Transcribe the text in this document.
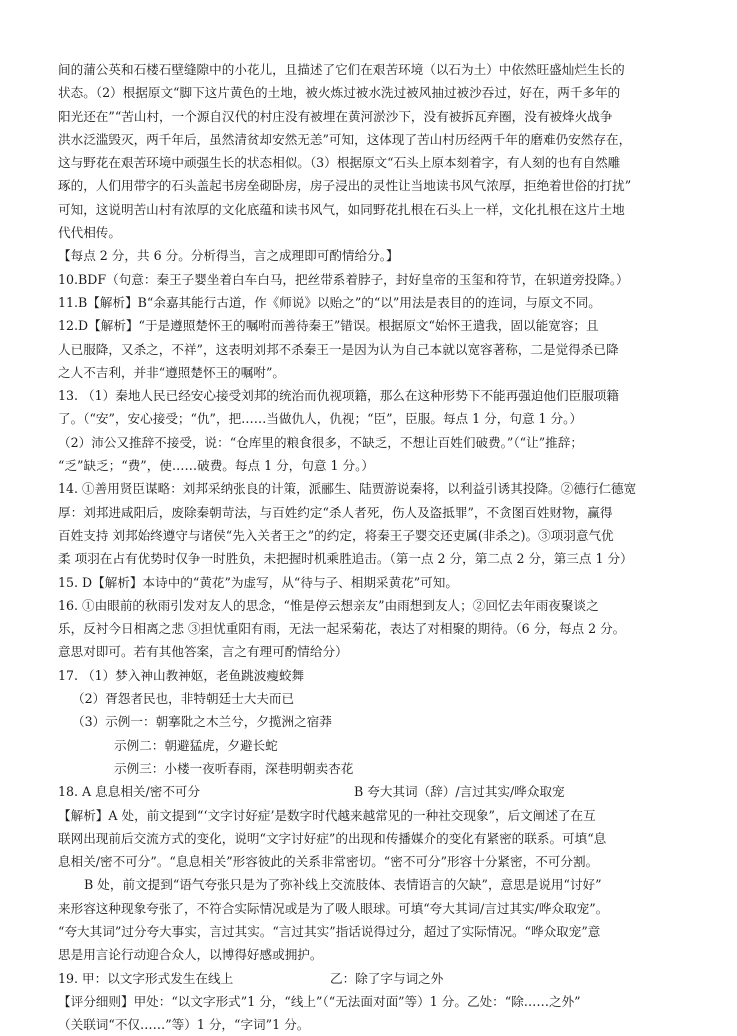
间的蒲公英和石楼石壁缝隙中的小花儿，且描述了它们在艰苦环境（以石为土）中依然旺盛灿烂生长的
状态。（2）根据原文“脚下这片黄色的土地，被火炼过被水洗过被风抽过被沙吞过，好在，两千多年的
阳光还在”“苦山村，一个源自汉代的村庄没有被埋在黄河淤沙下，没有被拆瓦弃圈，没有被烽火战争
洪水泛滥毁灭，两千年后，虽然清贫却安然无恙”可知，这体现了苦山村历经两千年的磨难仍安然存在，
这与野花在艰苦环境中顽强生长的状态相似。（3）根据原文“石头上原本刻着字，有人刻的也有自然雕
琢的，人们用带字的石头盖起书房垒砌卧房，房子浸出的灵性让当地读书风气浓厚，拒绝着世俗的打扰”
可知，这说明苦山村有浓厚的文化底蕴和读书风气，如同野花扎根在石头上一样，文化扎根在这片土地
代代相传。
【每点 2 分，共 6 分。分析得当，言之成理即可酌情给分。】
10.BDF（句意：秦王子婴坐着白车白马，把丝带系着脖子，封好皇帝的玉玺和符节，在轵道旁投降。）
11.B【解析】B“余嘉其能行古道，作《师说》以贻之”的“以”用法是表目的的连词，与原文不同。
12.D【解析】“于是遵照楚怀王的嘱咐而善待秦王”错误。根据原文“始怀王遣我，固以能宽容；且
人已服降，又杀之，不祥”，这表明刘邦不杀秦王一是因为认为自己本就以宽容著称，二是觉得杀已降
之人不吉利，并非“遵照楚怀王的嘱咐”。
13. （1）秦地人民已经安心接受刘邦的统治而仇视项籍，那么在这种形势下不能再强迫他们臣服项籍
了。（“安”，安心接受；“仇”，把……当做仇人，仇视；“臣”，臣服。每点 1 分，句意 1 分。）
（2）沛公又推辞不接受，说：“仓库里的粮食很多，不缺乏，不想让百姓们破费。”（“让”推辞；
“乏”缺乏；“费”，使……破费。每点 1 分，句意 1 分。）
14. ①善用贤臣谋略：刘邦采纳张良的计策，派郦生、陆贾游说秦将，以利益引诱其投降。②德行仁德宽
厚：刘邦进咸阳后，废除秦朝苛法，与百姓约定“杀人者死，伤人及盗抵罪”，不贪图百姓财物，赢得
百姓支持 刘邦始终遵守与诸侯“先入关者王之”的约定，将秦王子婴交还吏属(非杀之)。③项羽意气优
柔 项羽在占有优势时仅争一时胜负，未把握时机乘胜追击。（第一点 2 分，第二点 2 分，第三点 1 分）
15. D【解析】本诗中的“黄花”为虚写，从“待与子、相期采黄花”可知。
16. ①由眼前的秋雨引发对友人的思念，“惟是停云想亲友”由雨想到友人；②回忆去年雨夜聚谈之
乐，反衬今日相离之悲 ③担忧重阳有雨，无法一起采菊花，表达了对相聚的期待。（6 分，每点 2 分。
意思对即可。若有其他答案，言之有理可酌情给分）
17. （1）梦入神山教神妪，老鱼跳波瘦蛟舞
（2）胥怨者民也，非特朝廷士大夫而已
（3）示例一：朝搴阰之木兰兮，夕揽洲之宿莽
示例二：朝避猛虎，夕避长蛇
示例三：小楼一夜听春雨，深巷明朝卖杏花
18. A 息息相关/密不可分	B 夸大其词（辞）/言过其实/哗众取宠
【解析】A 处，前文提到“‘文字讨好症’是数字时代越来越常见的一种社交现象”，后文阐述了在互
联网出现前后交流方式的变化，说明“文字讨好症”的出现和传播媒介的变化有紧密的联系。可填“息
息相关/密不可分”。“息息相关”形容彼此的关系非常密切。“密不可分”形容十分紧密，不可分割。
B 处，前文提到“语气夸张只是为了弥补线上交流肢体、表情语言的欠缺”，意思是说用“讨好”
来形容这种现象夸张了，不符合实际情况或是为了吸人眼球。可填“夸大其词/言过其实/哗众取宠”。
“夸大其词”过分夸大事实，言过其实。“言过其实”指话说得过分，超过了实际情况。“哗众取宠”意
思是用言论行动迎合众人，以博得好感或拥护。
19. 甲：以文字形式发生在线上	乙：除了字与词之外
【评分细则】甲处：“以文字形式”1 分，“线上”（“无法面对面”等）1 分。乙处：“除……之外”
（关联词“不仅……”等）1 分，“字词”1 分。
